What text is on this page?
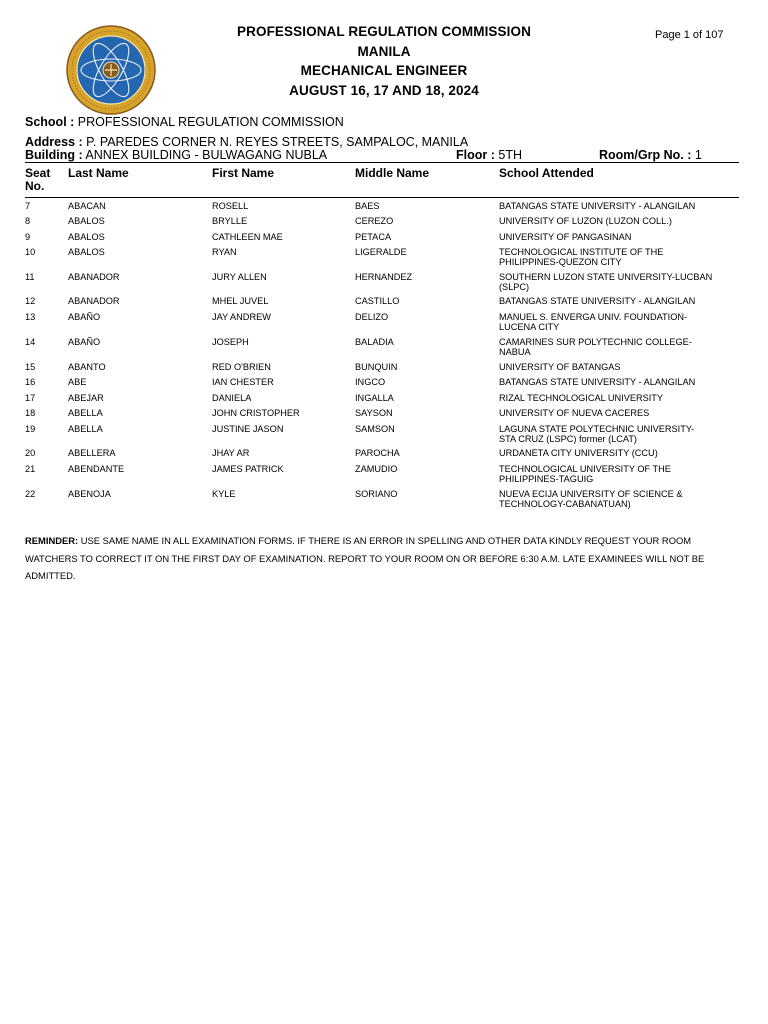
PROFESSIONAL REGULATION COMMISSION
MANILA
MECHANICAL ENGINEER
AUGUST 16, 17 AND 18, 2024
Page 1 of 107
School : PROFESSIONAL REGULATION COMMISSION
Address : P. PAREDES CORNER N. REYES STREETS, SAMPALOC, MANILA
Building : ANNEX BUILDING - BULWAGANG NUBLA	Floor : 5TH	Room/Grp No. : 1
Seat
No.
Last Name	First Name	Middle Name	School Attended
7	ABACAN	ROSELL	BAES	BATANGAS STATE UNIVERSITY - ALANGILAN
8	ABALOS	BRYLLE	CEREZO	UNIVERSITY OF LUZON (LUZON COLL.)
9	ABALOS	CATHLEEN MAE	PETACA	UNIVERSITY OF PANGASINAN
10	ABALOS	RYAN	LIGERALDE	TECHNOLOGICAL INSTITUTE OF THE
PHILIPPINES-QUEZON CITY
11	ABANADOR	JURY ALLEN	HERNANDEZ	SOUTHERN LUZON STATE UNIVERSITY-LUCBAN
(SLPC)
12	ABANADOR	MHEL JUVEL	CASTILLO	BATANGAS STATE UNIVERSITY - ALANGILAN
13	ABAÑO	JAY ANDREW	DELIZO	MANUEL S. ENVERGA UNIV. FOUNDATION-
LUCENA CITY
14	ABAÑO	JOSEPH	BALADIA	CAMARINES SUR POLYTECHNIC COLLEGE-
NABUA
15	ABANTO	RED O'BRIEN	BUNQUIN	UNIVERSITY OF BATANGAS
16	ABE	IAN CHESTER	INGCO	BATANGAS STATE UNIVERSITY - ALANGILAN
17	ABEJAR	DANIELA	INGALLA	RIZAL TECHNOLOGICAL UNIVERSITY
18	ABELLA	JOHN CRISTOPHER	SAYSON	UNIVERSITY OF NUEVA CACERES
19	ABELLA	JUSTINE JASON	SAMSON	LAGUNA STATE POLYTECHNIC UNIVERSITY-
STA CRUZ (LSPC) former (LCAT)
20	ABELLERA	JHAY AR	PAROCHA	URDANETA CITY UNIVERSITY (CCU)
21	ABENDANTE	JAMES PATRICK	ZAMUDIO	TECHNOLOGICAL UNIVERSITY OF THE
PHILIPPINES-TAGUIG
22	ABENOJA	KYLE	SORIANO	NUEVA ECIJA UNIVERSITY OF SCIENCE &
TECHNOLOGY-CABANATUAN)
REMINDER: USE SAME NAME IN ALL EXAMINATION FORMS. IF THERE IS AN ERROR IN SPELLING AND OTHER DATA KINDLY REQUEST YOUR ROOM WATCHERS TO CORRECT IT ON THE FIRST DAY OF EXAMINATION. REPORT TO YOUR ROOM ON OR BEFORE 6:30 A.M. LATE EXAMINEES WILL NOT BE ADMITTED.
